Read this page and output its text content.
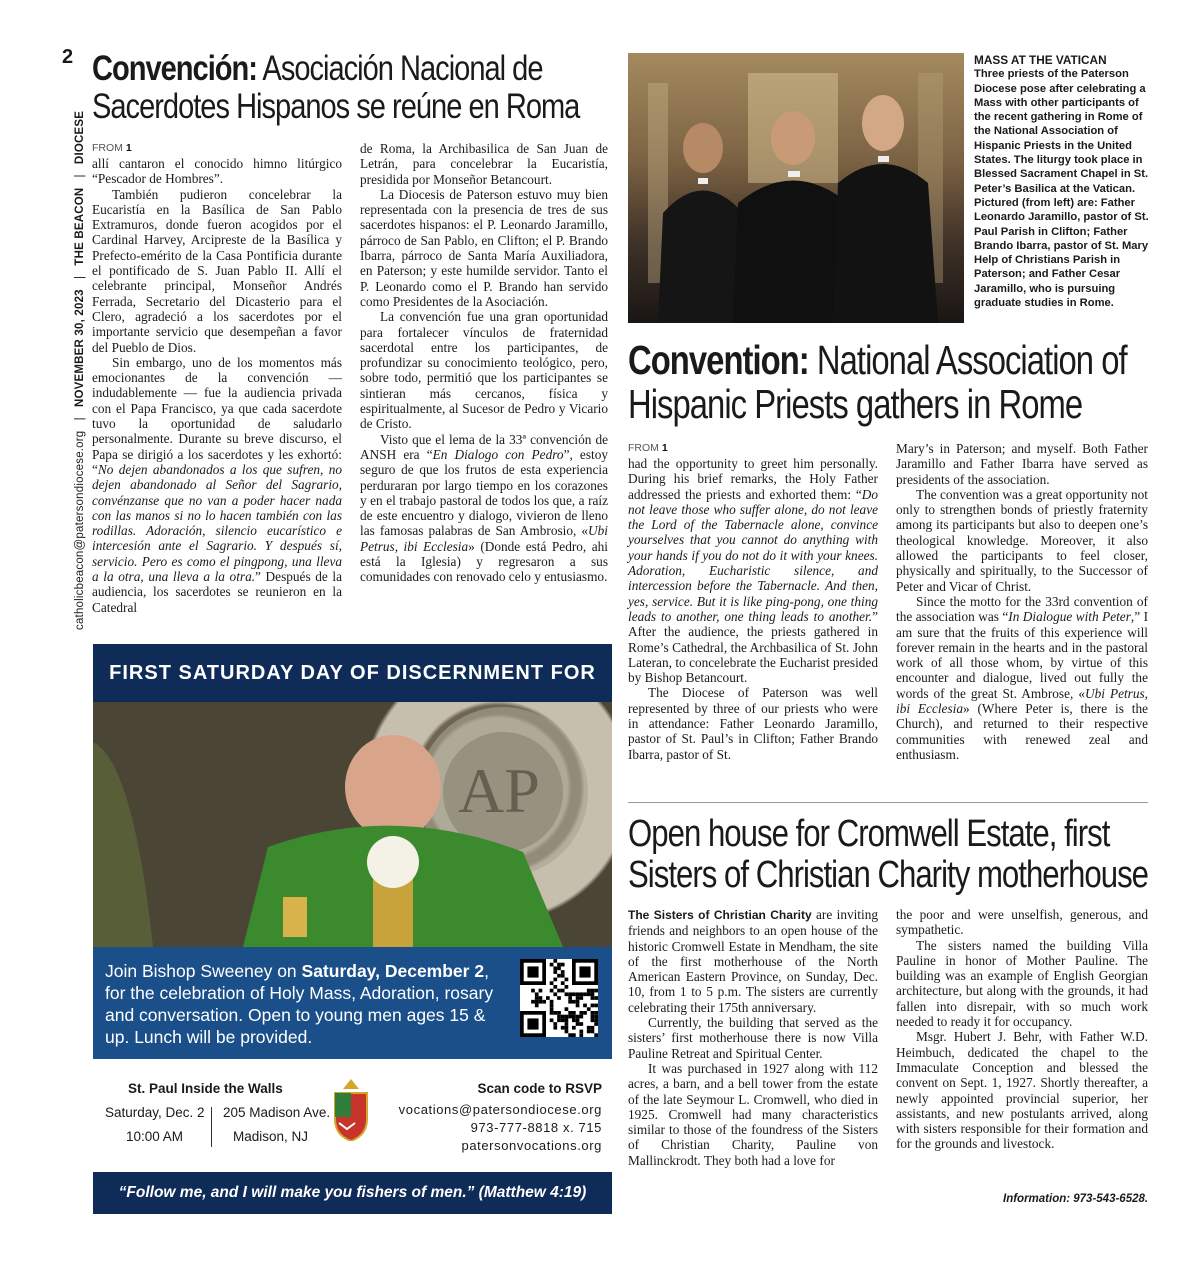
2
catholicbeacon@patersondiocese.org   |   NOVEMBER 30, 2023   |   THE BEACON   |   DIOCESE
Convención: Asociación Nacional de Sacerdotes Hispanos se reúne en Roma
FROM 1

allí cantaron el conocido himno litúrgico “Pescador de Hombres”.

También pudieron concelebrar la Eucaristía en la Basílica de San Pablo Extramuros, donde fueron acogidos por el Cardinal Harvey, Arcipreste de la Basílica y Prefecto-emérito de la Casa Pontificia durante el pontificado de S. Juan Pablo II. Allí el celebrante principal, Monseñor Andrés Ferrada, Secretario del Dicasterio para el Clero, agradeció a los sacerdotes por el importante servicio que desempeñan a favor del Pueblo de Dios.

Sin embargo, uno de los momentos más emocionantes de la convención — indudablemente — fue la audiencia privada con el Papa Francisco, ya que cada sacerdote tuvo la oportunidad de saludarlo personalmente. Durante su breve discurso, el Papa se dirigió a los sacerdotes y les exhortó: “No dejen abandonados a los que sufren, no dejen abandonado al Señor del Sagrario, convénzanse que no van a poder hacer nada con las manos si no lo hacen también con las rodillas. Adoración, silencio eucarístico e intercesión ante el Sagrario. Y después sí, servicio. Pero es como el pingpong, una lleva a la otra, una lleva a la otra.” Después de la audiencia, los sacerdotes se reunieron en la Catedral

de Roma, la Archibasilica de San Juan de Letrán, para concelebrar la Eucaristía, presidida por Monseñor Betancourt.

La Diocesis de Paterson estuvo muy bien representada con la presencia de tres de sus sacerdotes hispanos: el P. Leonardo Jaramillo, párroco de San Pablo, en Clifton; el P. Brando Ibarra, párroco de Santa María Auxiliadora, en Paterson; y este humilde servidor. Tanto el P. Leonardo como el P. Brando han servido como Presidentes de la Asociación.

La convención fue una gran oportunidad para fortalecer vínculos de fraternidad sacerdotal entre los participantes, de profundizar su conocimiento teológico, pero, sobre todo, permitió que los participantes se sintieran más cercanos, física y espiritualmente, al Sucesor de Pedro y Vicario de Cristo.

Visto que el lema de la 33ª convención de ANSH era “En Dialogo con Pedro”, estoy seguro de que los frutos de esta experiencia perduraran por largo tiempo en los corazones y en el trabajo pastoral de todos los que, a raíz de este encuentro y dialogo, vivieron de lleno las famosas palabras de San Ambrosio, «Ubi Petrus, ibi Ecclesia» (Donde está Pedro, ahi está la Iglesia) y regresaron a sus comunidades con renovado celo y entusiasmo.

MASS AT THE VATICAN
Three priests of the Paterson Diocese pose after celebrating a Mass with other participants of the recent gathering in Rome of the National Association of Hispanic Priests in the United States. The liturgy took place in Blessed Sacrament Chapel in St. Peter’s Basilica at the Vatican. Pictured (from left) are: Father Leonardo Jaramillo, pastor of St. Paul Parish in Clifton; Father Brando Ibarra, pastor of St. Mary Help of Christians Parish in Paterson; and Father Cesar Jaramillo, who is pursuing graduate studies in Rome.
Convention: National Association of Hispanic Priests gathers in Rome
FROM 1

had the opportunity to greet him personally. During his brief remarks, the Holy Father addressed the priests and exhorted them: “Do not leave those who suffer alone, do not leave the Lord of the Tabernacle alone, convince yourselves that you cannot do anything with your hands if you do not do it with your knees. Adoration, Eucharistic silence, and intercession before the Tabernacle. And then, yes, service. But it is like ping-pong, one thing leads to another, one thing leads to another.” After the audience, the priests gathered in Rome’s Cathedral, the Archbasilica of St. John Lateran, to concelebrate the Eucharist presided by Bishop Betancourt.

The Diocese of Paterson was well represented by three of our priests who were in attendance: Father Leonardo Jaramillo, pastor of St. Paul’s in Clifton; Father Brando Ibarra, pastor of St.

Mary’s in Paterson; and myself. Both Father Jaramillo and Father Ibarra have served as presidents of the association.

The convention was a great opportunity not only to strengthen bonds of priestly fraternity among its participants but also to deepen one’s theological knowledge. Moreover, it also allowed the participants to feel closer, physically and spiritually, to the Successor of Peter and Vicar of Christ.

Since the motto for the 33rd convention of the association was “In Dialogue with Peter,” I am sure that the fruits of this experience will forever remain in the hearts and in the pastoral work of all those whom, by virtue of this encounter and dialogue, lived out fully the words of the great St. Ambrose, «Ubi Petrus, ibi Ecclesia» (Where Peter is, there is the Church), and returned to their respective communities with renewed zeal and enthusiasm.

Open house for Cromwell Estate, first Sisters of Christian Charity motherhouse

The Sisters of Christian Charity are inviting friends and neighbors to an open house of the historic Cromwell Estate in Mendham, the site of the first motherhouse of the North American Eastern Province, on Sunday, Dec. 10, from 1 to 5 p.m. The sisters are currently celebrating their 175th anniversary.

Currently, the building that served as the sisters’ first motherhouse there is now Villa Pauline Retreat and Spiritual Center.

It was purchased in 1927 along with 112 acres, a barn, and a bell tower from the estate of the late Seymour L. Cromwell, who died in 1925. Cromwell had many characteristics similar to those of the foundress of the Sisters of Christian Charity, Pauline von Mallinckrodt. They both had a love for

the poor and were unselfish, generous, and sympathetic.

The sisters named the building Villa Pauline in honor of Mother Pauline. The building was an example of English Georgian architecture, but along with the grounds, it had fallen into disrepair, with so much work needed to ready it for occupancy.

Msgr. Hubert J. Behr, with Father W.D. Heimbuch, dedicated the chapel to the Immaculate Conception and blessed the convent on Sept. 1, 1927. Shortly thereafter, a newly appointed provincial superior, her assistants, and new postulants arrived, along with sisters responsible for their formation and for the grounds and livestock.

Information: 973-543-6528.
FIRST SATURDAY DAY OF DISCERNMENT FOR
ΑΡ
Join Bishop Sweeney on Saturday, December 2, for the celebration of Holy Mass, Adoration, rosary and conversation. Open to young men ages 15 & up. Lunch will be provided.
St. Paul Inside the Walls
Saturday, Dec. 2
10:00 AM
205 Madison Ave.
Madison, NJ
Scan code to RSVP
vocations@patersondiocese.org
973-777-8818 x. 715
patersonvocations.org
“Follow me, and I will make you fishers of men.” (Matthew 4:19)
